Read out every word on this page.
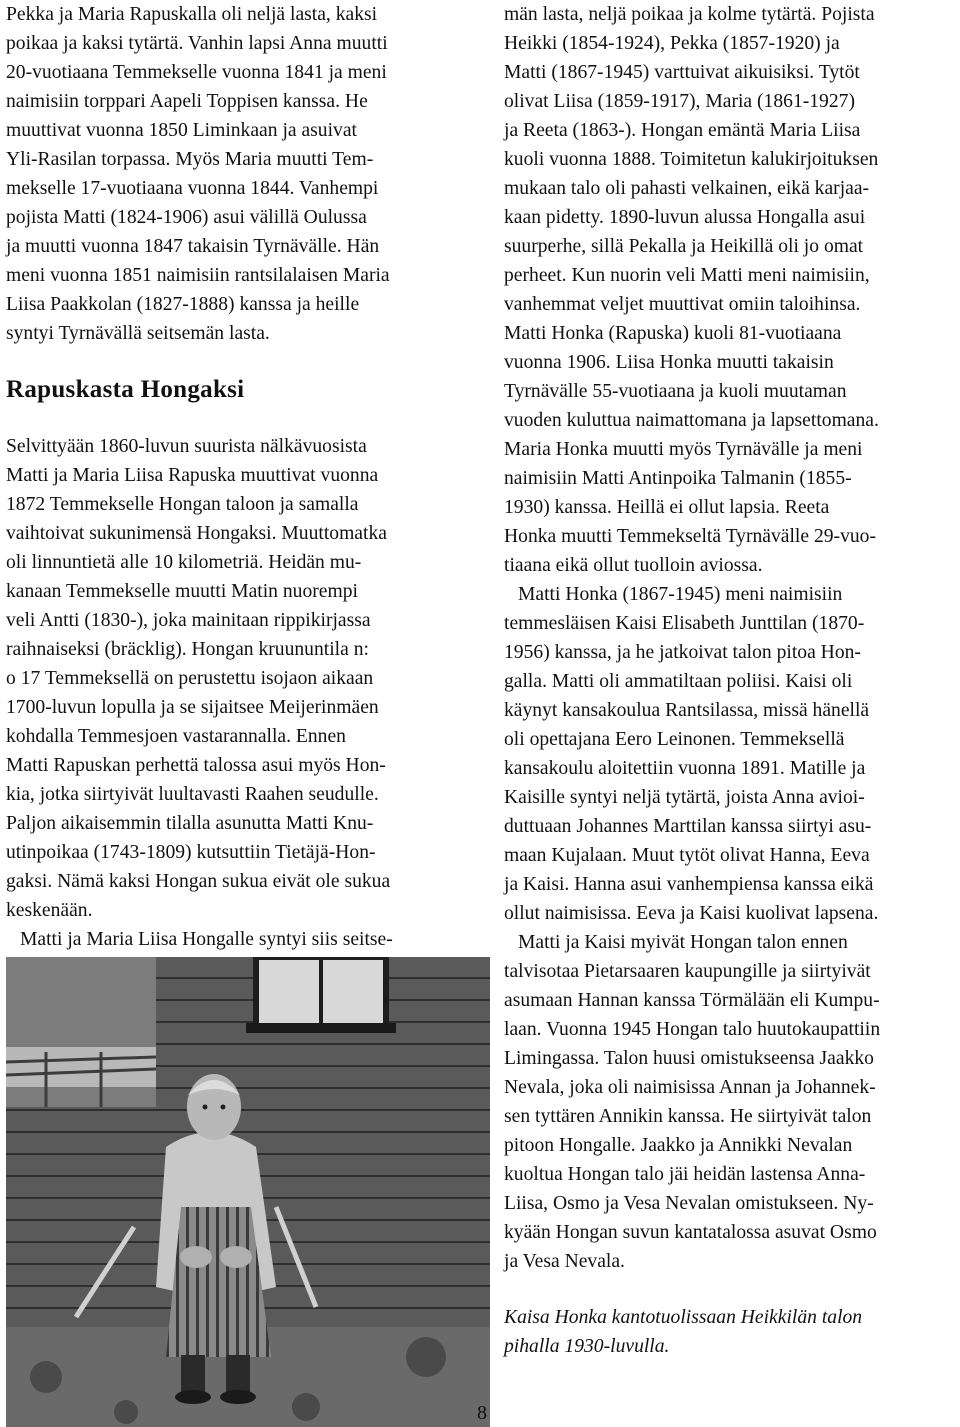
Pekka ja Maria Rapuskalla oli neljä lasta, kaksi
poikaa ja kaksi tytärtä. Vanhin lapsi Anna muutti
20-vuotiaana Temmekselle vuonna 1841 ja meni
naimisiin torppari Aapeli Toppisen kanssa. He
muuttivat vuonna 1850 Liminkaan ja asuivat
Yli-Rasilan torpassa. Myös Maria muutti Tem-
mekselle 17-vuotiaana vuonna 1844. Vanhempi
pojista Matti (1824-1906) asui välillä Oulussa
ja muutti vuonna 1847 takaisin Tyrnävälle. Hän
meni vuonna 1851 naimisiin rantsilalaisen Maria
Liisa Paakkolan (1827-1888) kanssa ja heille
syntyi Tyrnävällä seitsemän lasta.
Rapuskasta Hongaksi
Selvittyään 1860-luvun suurista nälkävuosista
Matti ja Maria Liisa Rapuska muuttivat vuonna
1872 Temmekselle Hongan taloon ja samalla
vaihtoivat sukunimensä Hongaksi. Muuttomatka
oli linnuntietä alle 10 kilometriä. Heidän mu-
kanaan Temmekselle muutti Matin nuorempi
veli Antti (1830-), joka mainitaan rippikirjassa
raihnaiseksi (bräcklig). Hongan kruununtila n:
o 17 Temmeksellä on perustettu isojaon aikaan
1700-luvun lopulla ja se sijaitsee Meijerinmäen
kohdalla Temmesjoen vastarannalla. Ennen
Matti Rapuskan perhettä talossa asui myös Hon-
kia, jotka siirtyivät luultavasti Raahen seudulle.
Paljon aikaisemmin tilalla asunutta Matti Knu-
utinpoikaa (1743-1809) kutsuttiin Tietäjä-Hon-
gaksi. Nämä kaksi Hongan sukua eivät ole sukua
keskenään.
Matti ja Maria Liisa Hongalle syntyi siis seitse-
män lasta, neljä poikaa ja kolme tytärtä. Pojista
Heikki (1854-1924), Pekka (1857-1920) ja
Matti (1867-1945) varttuivat aikuisiksi. Tytöt
olivat Liisa (1859-1917), Maria (1861-1927)
ja Reeta (1863-). Hongan emäntä Maria Liisa
kuoli vuonna 1888. Toimitetun kalukirjoituksen
mukaan talo oli pahasti velkainen, eikä karjaa-
kaan pidetty. 1890-luvun alussa Hongalla asui
suurperhe, sillä Pekalla ja Heikillä oli jo omat
perheet. Kun nuorin veli Matti meni naimisiin,
vanhemmat veljet muuttivat omiin taloihinsa.
Matti Honka (Rapuska) kuoli 81-vuotiaana
vuonna 1906. Liisa Honka muutti takaisin
Tyrnävälle 55-vuotiaana ja kuoli muutaman
vuoden kuluttua naimattomana ja lapsettomana.
Maria Honka muutti myös Tyrnävälle ja meni
naimisiin Matti Antinpoika Talmanin (1855-
1930) kanssa. Heillä ei ollut lapsia. Reeta
Honka muutti Temmekseltä Tyrnävälle 29-vuo-
tiaana eikä ollut tuolloin aviossa.
Matti Honka (1867-1945) meni naimisiin
temmesläisen Kaisi Elisabeth Junttilan (1870-
1956) kanssa, ja he jatkoivat talon pitoa Hon-
galla. Matti oli ammatiltaan poliisi. Kaisi oli
käynyt kansakoulua Rantsilassa, missä hänellä
oli opettajana Eero Leinonen. Temmeksellä
kansakoulu aloitettiin vuonna 1891. Matille ja
Kaisille syntyi neljä tytärtä, joista Anna avioi-
duttuaan Johannes Marttilan kanssa siirtyi asu-
maan Kujalaan. Muut tytöt olivat Hanna, Eeva
ja Kaisi. Hanna asui vanhempiensa kanssa eikä
ollut naimisissa. Eeva ja Kaisi kuolivat lapsena.
Matti ja Kaisi myivät Hongan talon ennen
talvisotaa Pietarsaaren kaupungille ja siirtyivät
asumaan Hannan kanssa Törmälään eli Kumpu-
laan. Vuonna 1945 Hongan talo huutokaupattiin
Limingassa. Talon huusi omistukseensa Jaakko
Nevala, joka oli naimisissa Annan ja Johannek-
sen tyttären Annikin kanssa. He siirtyivät talon
pitoon Hongalle. Jaakko ja Annikki Nevalan
kuoltua Hongan talo jäi heidän lastensa Anna-
Liisa, Osmo ja Vesa Nevalan omistukseen. Ny-
kyään Hongan suvun kantatalossa asuvat Osmo
ja Vesa Nevala.
Kaisa Honka kantotuolissaan Heikkilän talon
pihalla 1930-luvulla.
8
